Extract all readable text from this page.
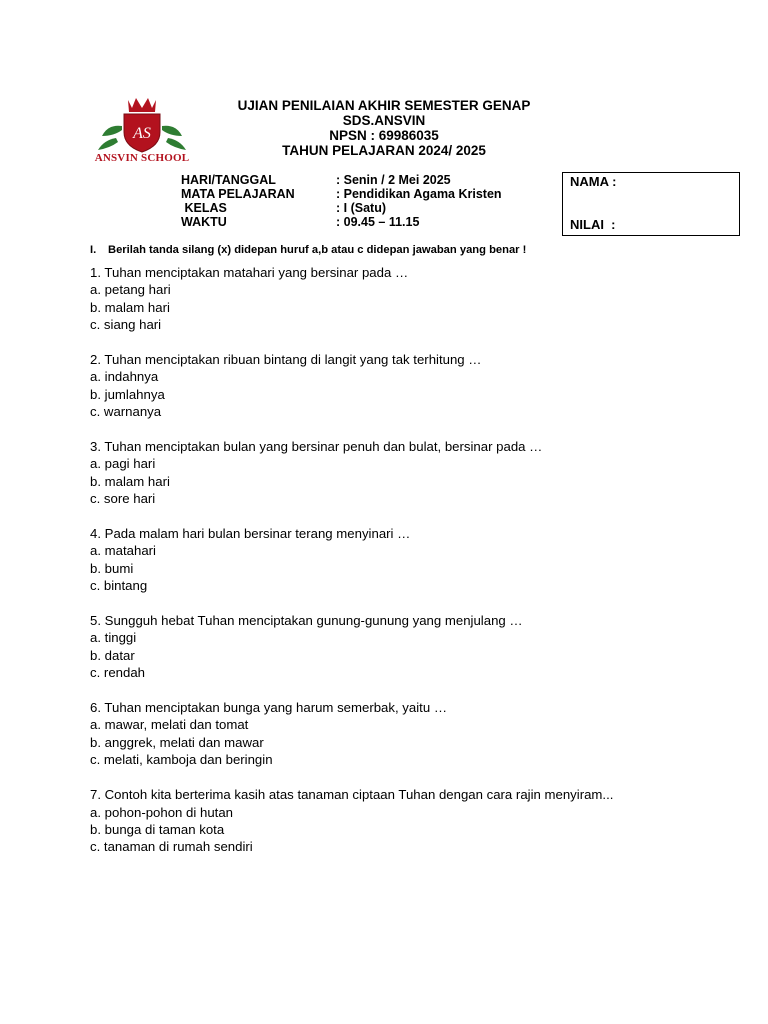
AS
ANSVIN SCHOOL
UJIAN PENILAIAN AKHIR SEMESTER GENAP
SDS.ANSVIN
NPSN : 69986035
TAHUN PELAJARAN 2024/ 2025
HARI/TANGGAL	: Senin / 2 Mei 2025
MATA PELAJARAN	: Pendidikan Agama Kristen
KELAS	: I (Satu)
WAKTU	: 09.45 – 11.15
NAMA :
NILAI  :
I. Berilah tanda silang (x) didepan huruf a,b atau c didepan jawaban yang benar !
1. Tuhan menciptakan matahari yang bersinar pada …
a. petang hari
b. malam hari
c. siang hari
2. Tuhan menciptakan ribuan bintang di langit yang tak terhitung …
a. indahnya
b. jumlahnya
c. warnanya
3. Tuhan menciptakan bulan yang bersinar penuh dan bulat, bersinar pada …
a. pagi hari
b. malam hari
c. sore hari
4. Pada malam hari bulan bersinar terang menyinari …
a. matahari
b. bumi
c. bintang
5. Sungguh hebat Tuhan menciptakan gunung-gunung yang menjulang …
a. tinggi
b. datar
c. rendah
6. Tuhan menciptakan bunga yang harum semerbak, yaitu …
a. mawar, melati dan tomat
b. anggrek, melati dan mawar
c. melati, kamboja dan beringin
7. Contoh kita berterima kasih atas tanaman ciptaan Tuhan dengan cara rajin menyiram...
a. pohon-pohon di hutan
b. bunga di taman kota
c. tanaman di rumah sendiri
